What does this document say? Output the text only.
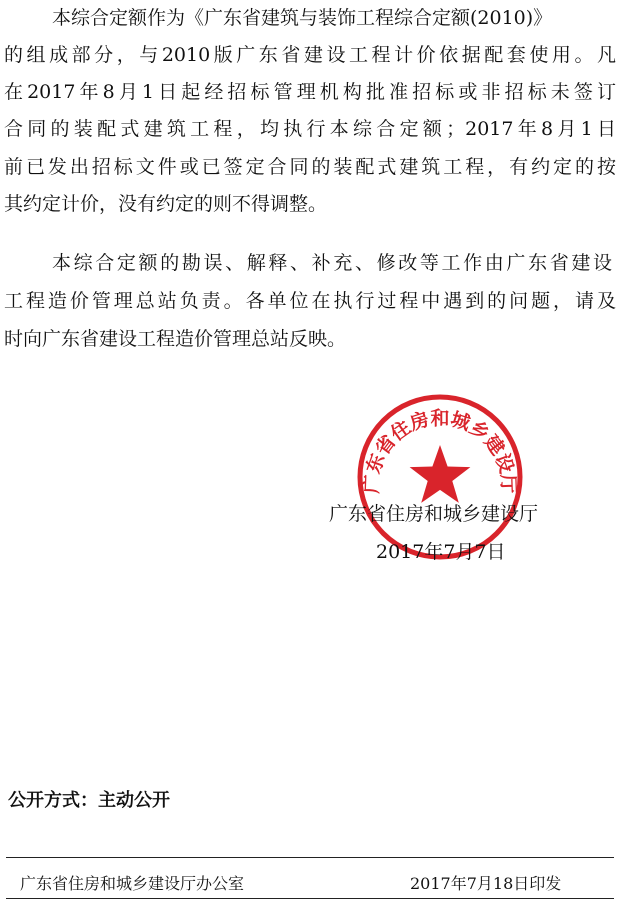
本综合定额作为《广东省建筑与装饰工程综合定额(2010)》
的组成部分，与2010版广东省建设工程计价依据配套使用。凡
在2017年8月1日起经招标管理机构批准招标或非招标未签订
合同的装配式建筑工程，均执行本综合定额；2017年8月1日
前已发出招标文件或已签定合同的装配式建筑工程，有约定的按
其约定计价，没有约定的则不得调整。
本综合定额的勘误、解释、补充、修改等工作由广东省建设
工程造价管理总站负责。各单位在执行过程中遇到的问题，请及
时向广东省建设工程造价管理总站反映。
广东省住房和城乡建设厅
广东省住房和城乡建设厅
2017年7月7日
公开方式：主动公开
广东省住房和城乡建设厅办公室	2017年7月18日印发
